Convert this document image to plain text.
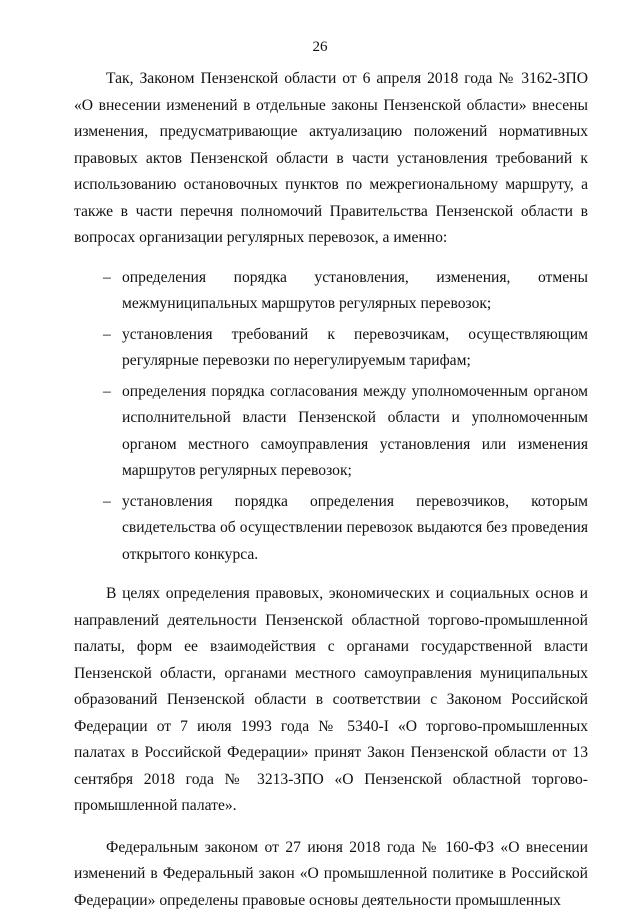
26

Так, Законом Пензенской области от 6 апреля 2018 года № 3162-ЗПО «О внесении изменений в отдельные законы Пензенской области» внесены изменения, предусматривающие актуализацию положений нормативных правовых актов Пензенской области в части установления требований к использованию остановочных пунктов по межрегиональному маршруту, а также в части перечня полномочий Правительства Пензенской области в вопросах организации регулярных перевозок, а именно:

– определения порядка установления, изменения, отмены межмуниципальных маршрутов регулярных перевозок;
– установления требований к перевозчикам, осуществляющим регулярные перевозки по нерегулируемым тарифам;
– определения порядка согласования между уполномоченным органом исполнительной власти Пензенской области и уполномоченным органом местного самоуправления установления или изменения маршрутов регулярных перевозок;
– установления порядка определения перевозчиков, которым свидетельства об осуществлении перевозок выдаются без проведения открытого конкурса.

В целях определения правовых, экономических и социальных основ и направлений деятельности Пензенской областной торгово-промышленной палаты, форм ее взаимодействия с органами государственной власти Пензенской области, органами местного самоуправления муниципальных образований Пензенской области в соответствии с Законом Российской Федерации от 7 июля 1993 года № 5340-I «О торгово-промышленных палатах в Российской Федерации» принят Закон Пензенской области от 13 сентября 2018 года № 3213-ЗПО «О Пензенской областной торгово-промышленной палате».

Федеральным законом от 27 июня 2018 года № 160-ФЗ «О внесении изменений в Федеральный закон «О промышленной политике в Российской Федерации» определены правовые основы деятельности промышленных
